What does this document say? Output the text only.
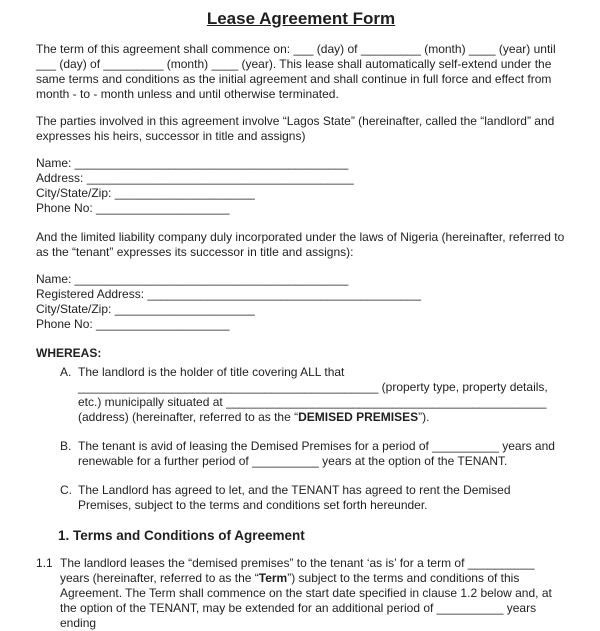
Lease Agreement Form

The term of this agreement shall commence on: ___ (day) of _________ (month) ____ (year) until ___ (day) of _________ (month) ____ (year). This lease shall automatically self-extend under the same terms and conditions as the initial agreement and shall continue in full force and effect from month - to - month unless and until otherwise terminated.

The parties involved in this agreement involve “Lagos State” (hereinafter, called the “landlord” and expresses his heirs, successor in title and assigns)

Name: _________________________________________
Address: ________________________________________
City/State/Zip: _____________________
Phone No: ____________________

And the limited liability company duly incorporated under the laws of Nigeria (hereinafter, referred to as the “tenant” expresses its successor in title and assigns):

Name: _________________________________________
Registered Address: _________________________________________
City/State/Zip: _____________________
Phone No: ____________________
WHEREAS:
A. The landlord is the holder of title covering ALL that _____________________________________________ (property type, property details, etc.) municipally situated at ________________________________________________ (address) (hereinafter, referred to as the “DEMISED PREMISES”).
B. The tenant is avid of leasing the Demised Premises for a period of __________ years and renewable for a further period of __________ years at the option of the TENANT.
C. The Landlord has agreed to let, and the TENANT has agreed to rent the Demised Premises, subject to the terms and conditions set forth hereunder.
1. Terms and Conditions of Agreement
1.1 The landlord leases the “demised premises” to the tenant ‘as is’ for a term of __________ years (hereinafter, referred to as the “Term”) subject to the terms and conditions of this Agreement. The Term shall commence on the start date specified in clause 1.2 below and, at the option of the TENANT, may be extended for an additional period of __________ years ending
